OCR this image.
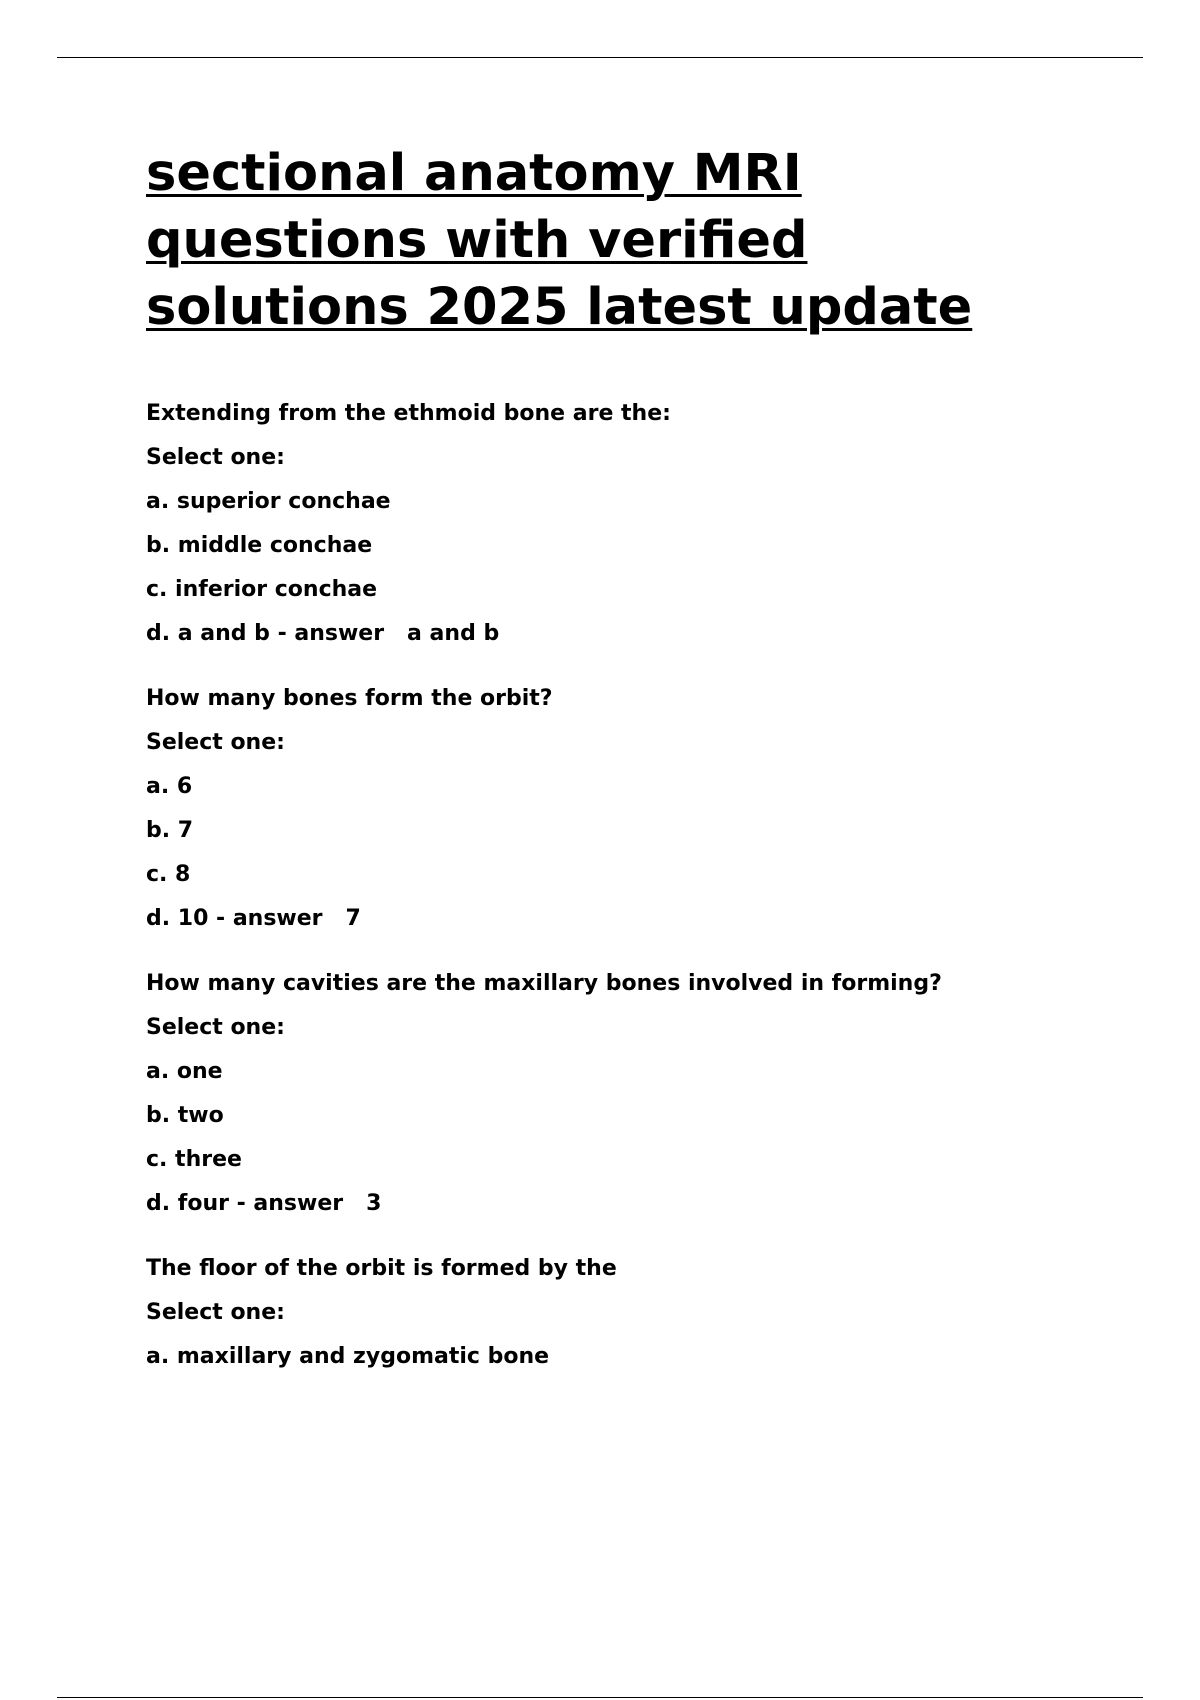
sectional anatomy MRI
questions with verified
solutions 2025 latest update
Extending from the ethmoid bone are the:
Select one:
a. superior conchae
b. middle conchae
c. inferior conchae
d. a and b - answer   a and b
How many bones form the orbit?
Select one:
a. 6
b. 7
c. 8
d. 10 - answer   7
How many cavities are the maxillary bones involved in forming?
Select one:
a. one
b. two
c. three
d. four - answer   3
The floor of the orbit is formed by the
Select one:
a. maxillary and zygomatic bone
